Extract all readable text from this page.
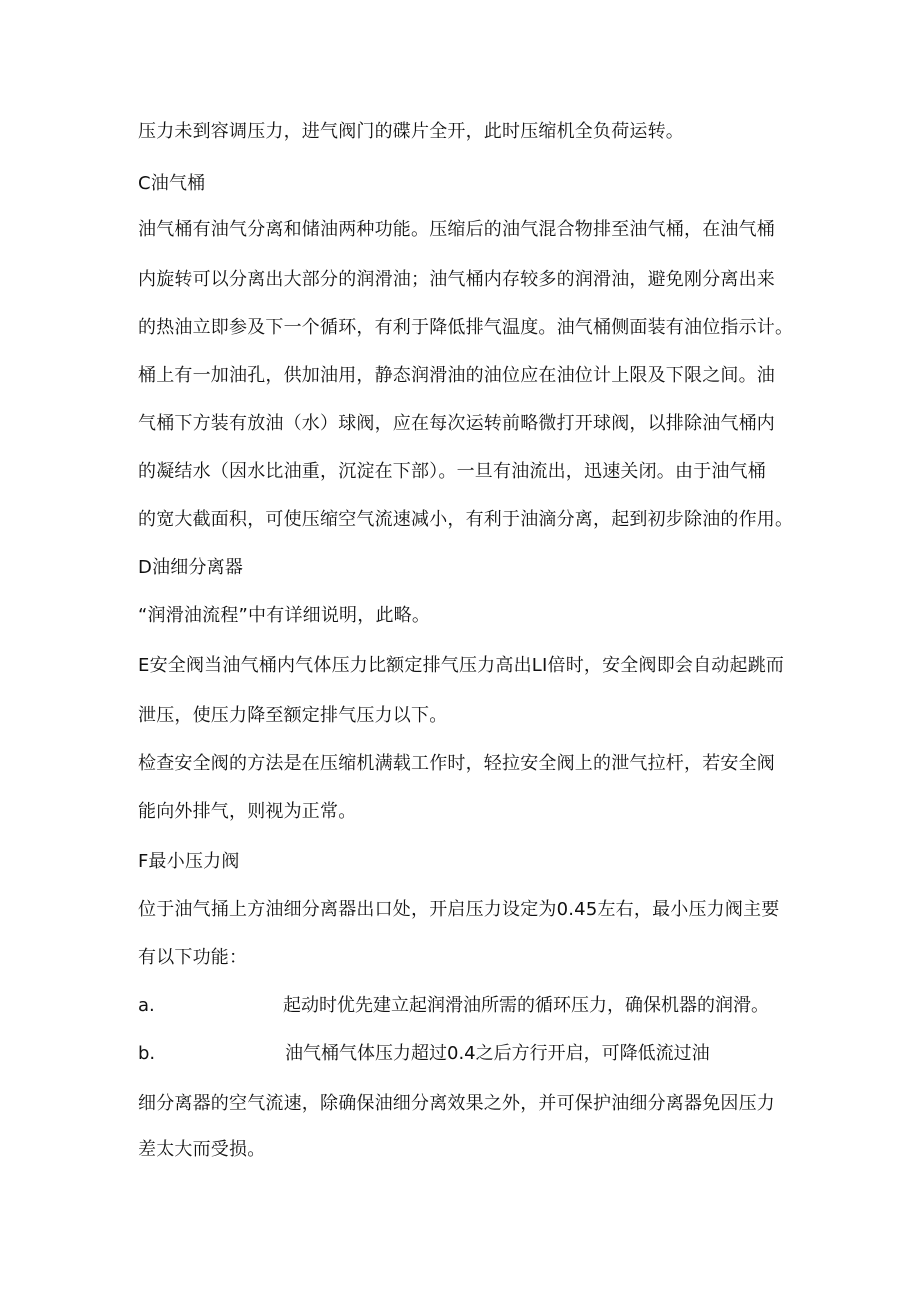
压力未到容调压力，进气阀门的碟片全开，此时压缩机全负荷运转。
C油气桶
油气桶有油气分离和储油两种功能。压缩后的油气混合物排至油气桶，在油气桶
内旋转可以分离出大部分的润滑油；油气桶内存较多的润滑油，避免刚分离出来
的热油立即参及下一个循环，有利于降低排气温度。油气桶侧面装有油位指示计。
桶上有一加油孔，供加油用，静态润滑油的油位应在油位计上限及下限之间。油
气桶下方装有放油（水）球阀，应在每次运转前略微打开球阀，以排除油气桶内
的凝结水（因水比油重，沉淀在下部）。一旦有油流出，迅速关闭。由于油气桶
的宽大截面积，可使压缩空气流速减小，有利于油滴分离，起到初步除油的作用。
D油细分离器
“润滑油流程”中有详细说明，此略。
E安全阀当油气桶内气体压力比额定排气压力高出LI倍时，安全阀即会自动起跳而
泄压，使压力降至额定排气压力以下。
检查安全阀的方法是在压缩机满载工作时，轻拉安全阀上的泄气拉杆，若安全阀
能向外排气，则视为正常。
F最小压力阀
位于油气捅上方油细分离器出口处，开启压力设定为0.45左右，最小压力阀主要
有以下功能：
a.	起动时优先建立起润滑油所需的循环压力，确保机器的润滑。
b.	油气桶气体压力超过0.4之后方行开启，可降低流过油
细分离器的空气流速，除确保油细分离效果之外，并可保护油细分离器免因压力
差太大而受损。
